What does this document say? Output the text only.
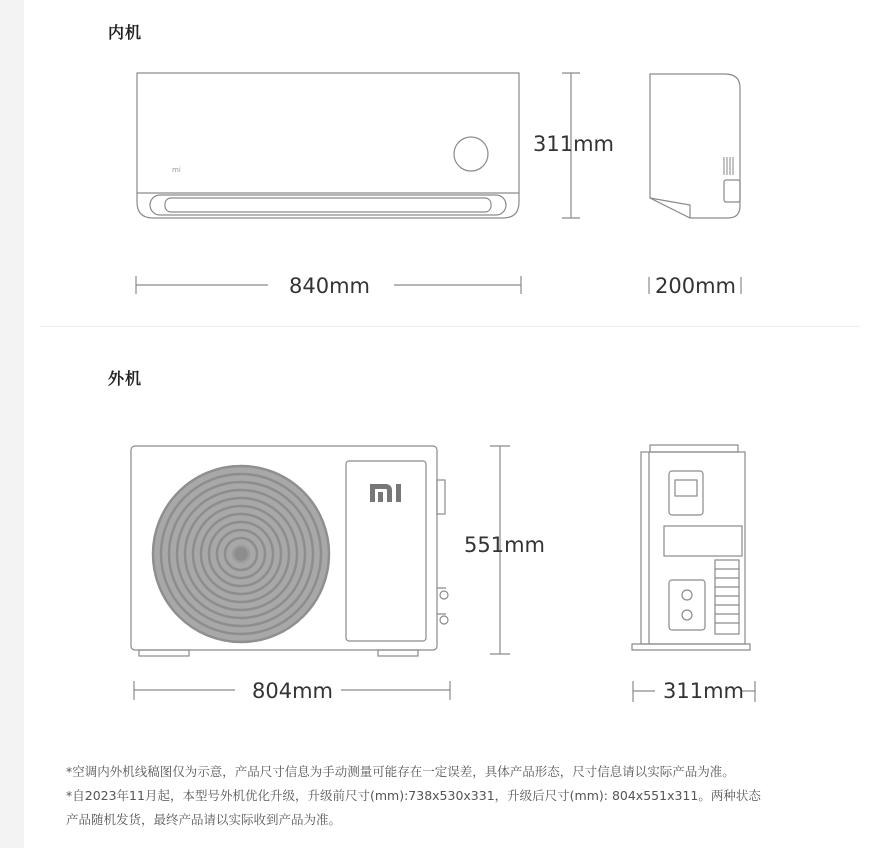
内机
mi
311mm
840mm	200mm
外机
551mm
804mm	311mm

*空调内外机线稿图仅为示意，产品尺寸信息为手动测量可能存在一定误差，具体产品形态，尺寸信息请以实际产品为准。

*自2023年11月起，本型号外机优化升级，升级前尺寸(mm):738x530x331，升级后尺寸(mm): 804x551x311。两种状态

产品随机发货，最终产品请以实际收到产品为准。
